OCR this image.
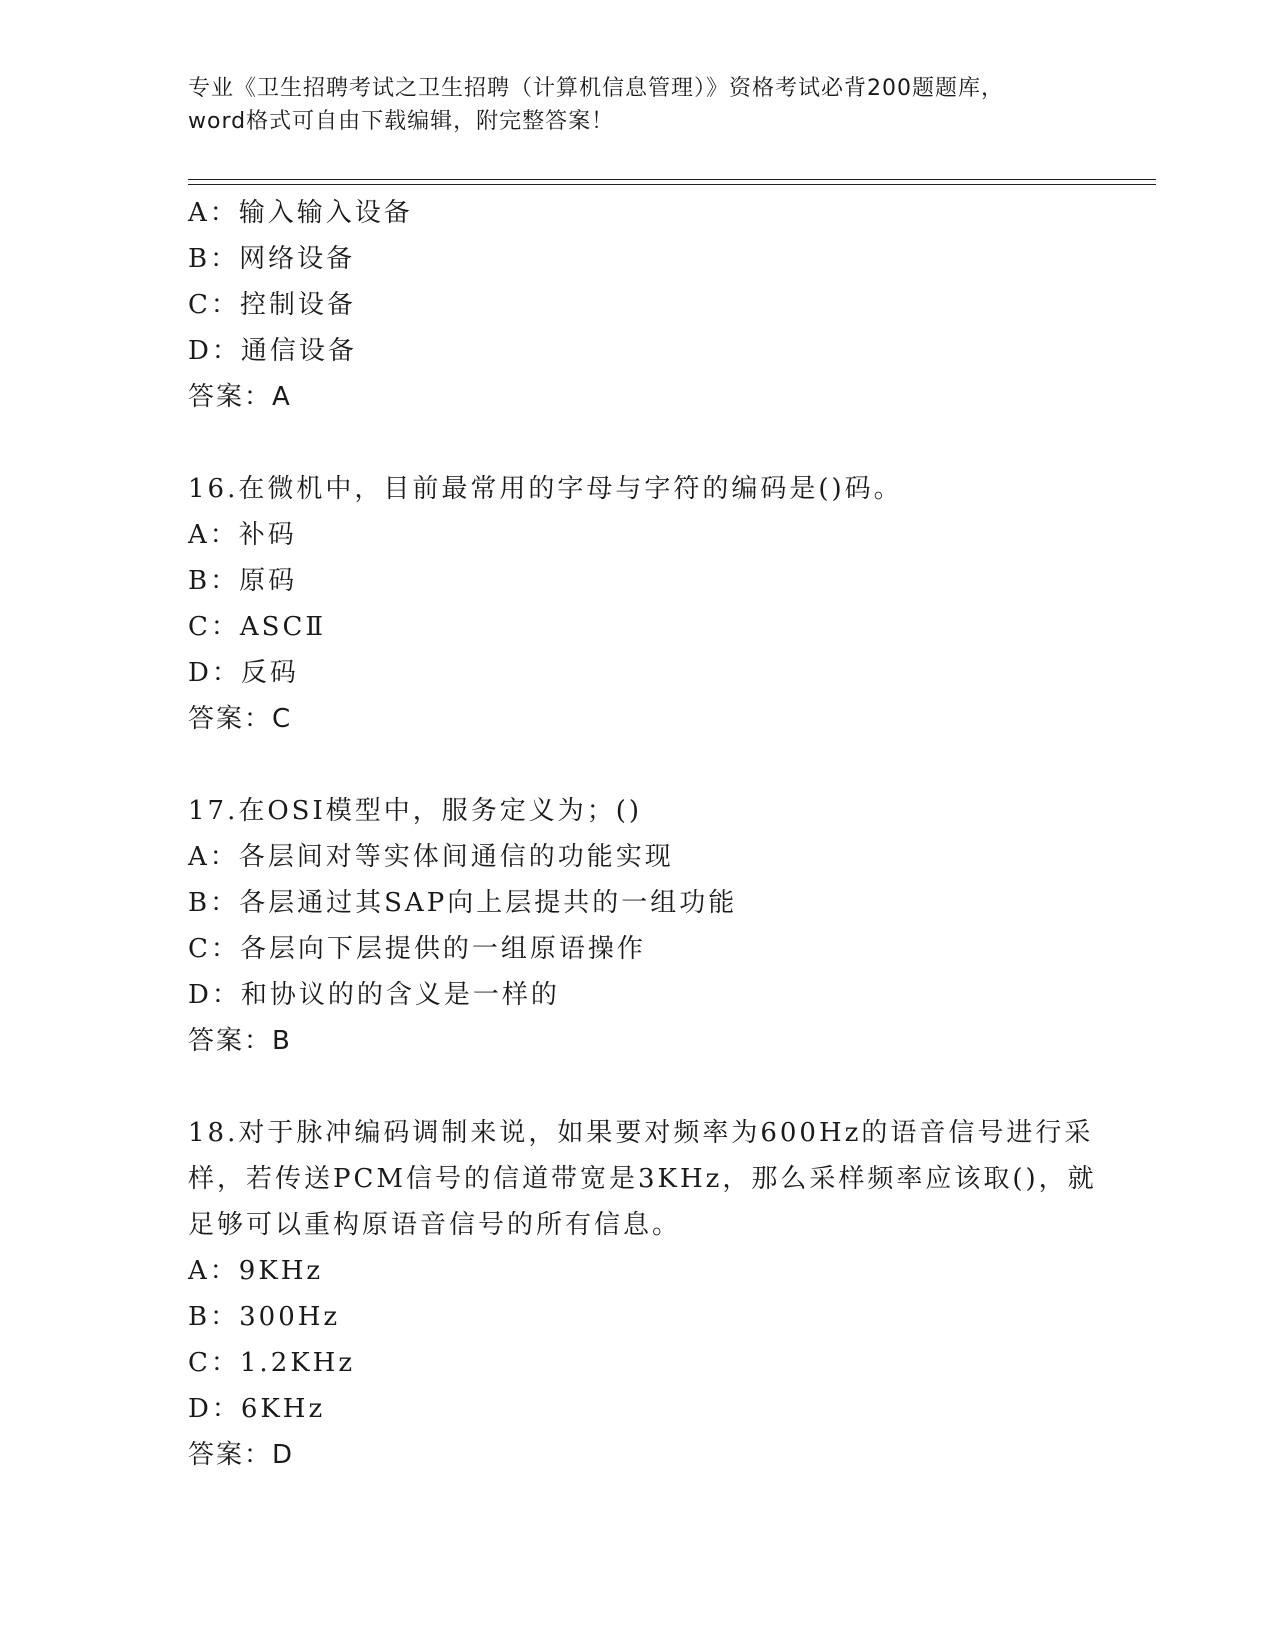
专业《卫生招聘考试之卫生招聘（计算机信息管理）》资格考试必背200题题库，
word格式可自由下载编辑，附完整答案！
A：输入输入设备
B：网络设备
C：控制设备
D：通信设备
答案：A
16.在微机中，目前最常用的字母与字符的编码是()码。
A：补码
B：原码
C：ASCⅡ
D：反码
答案：C
17.在OSI模型中，服务定义为；()
A：各层间对等实体间通信的功能实现
B：各层通过其SAP向上层提共的一组功能
C：各层向下层提供的一组原语操作
D：和协议的的含义是一样的
答案：B
18.对于脉冲编码调制来说，如果要对频率为600Hz的语音信号进行采
样，若传送PCM信号的信道带宽是3KHz，那么采样频率应该取()，就
足够可以重构原语音信号的所有信息。
A：9KHz
B：300Hz
C：1.2KHz
D：6KHz
答案：D
